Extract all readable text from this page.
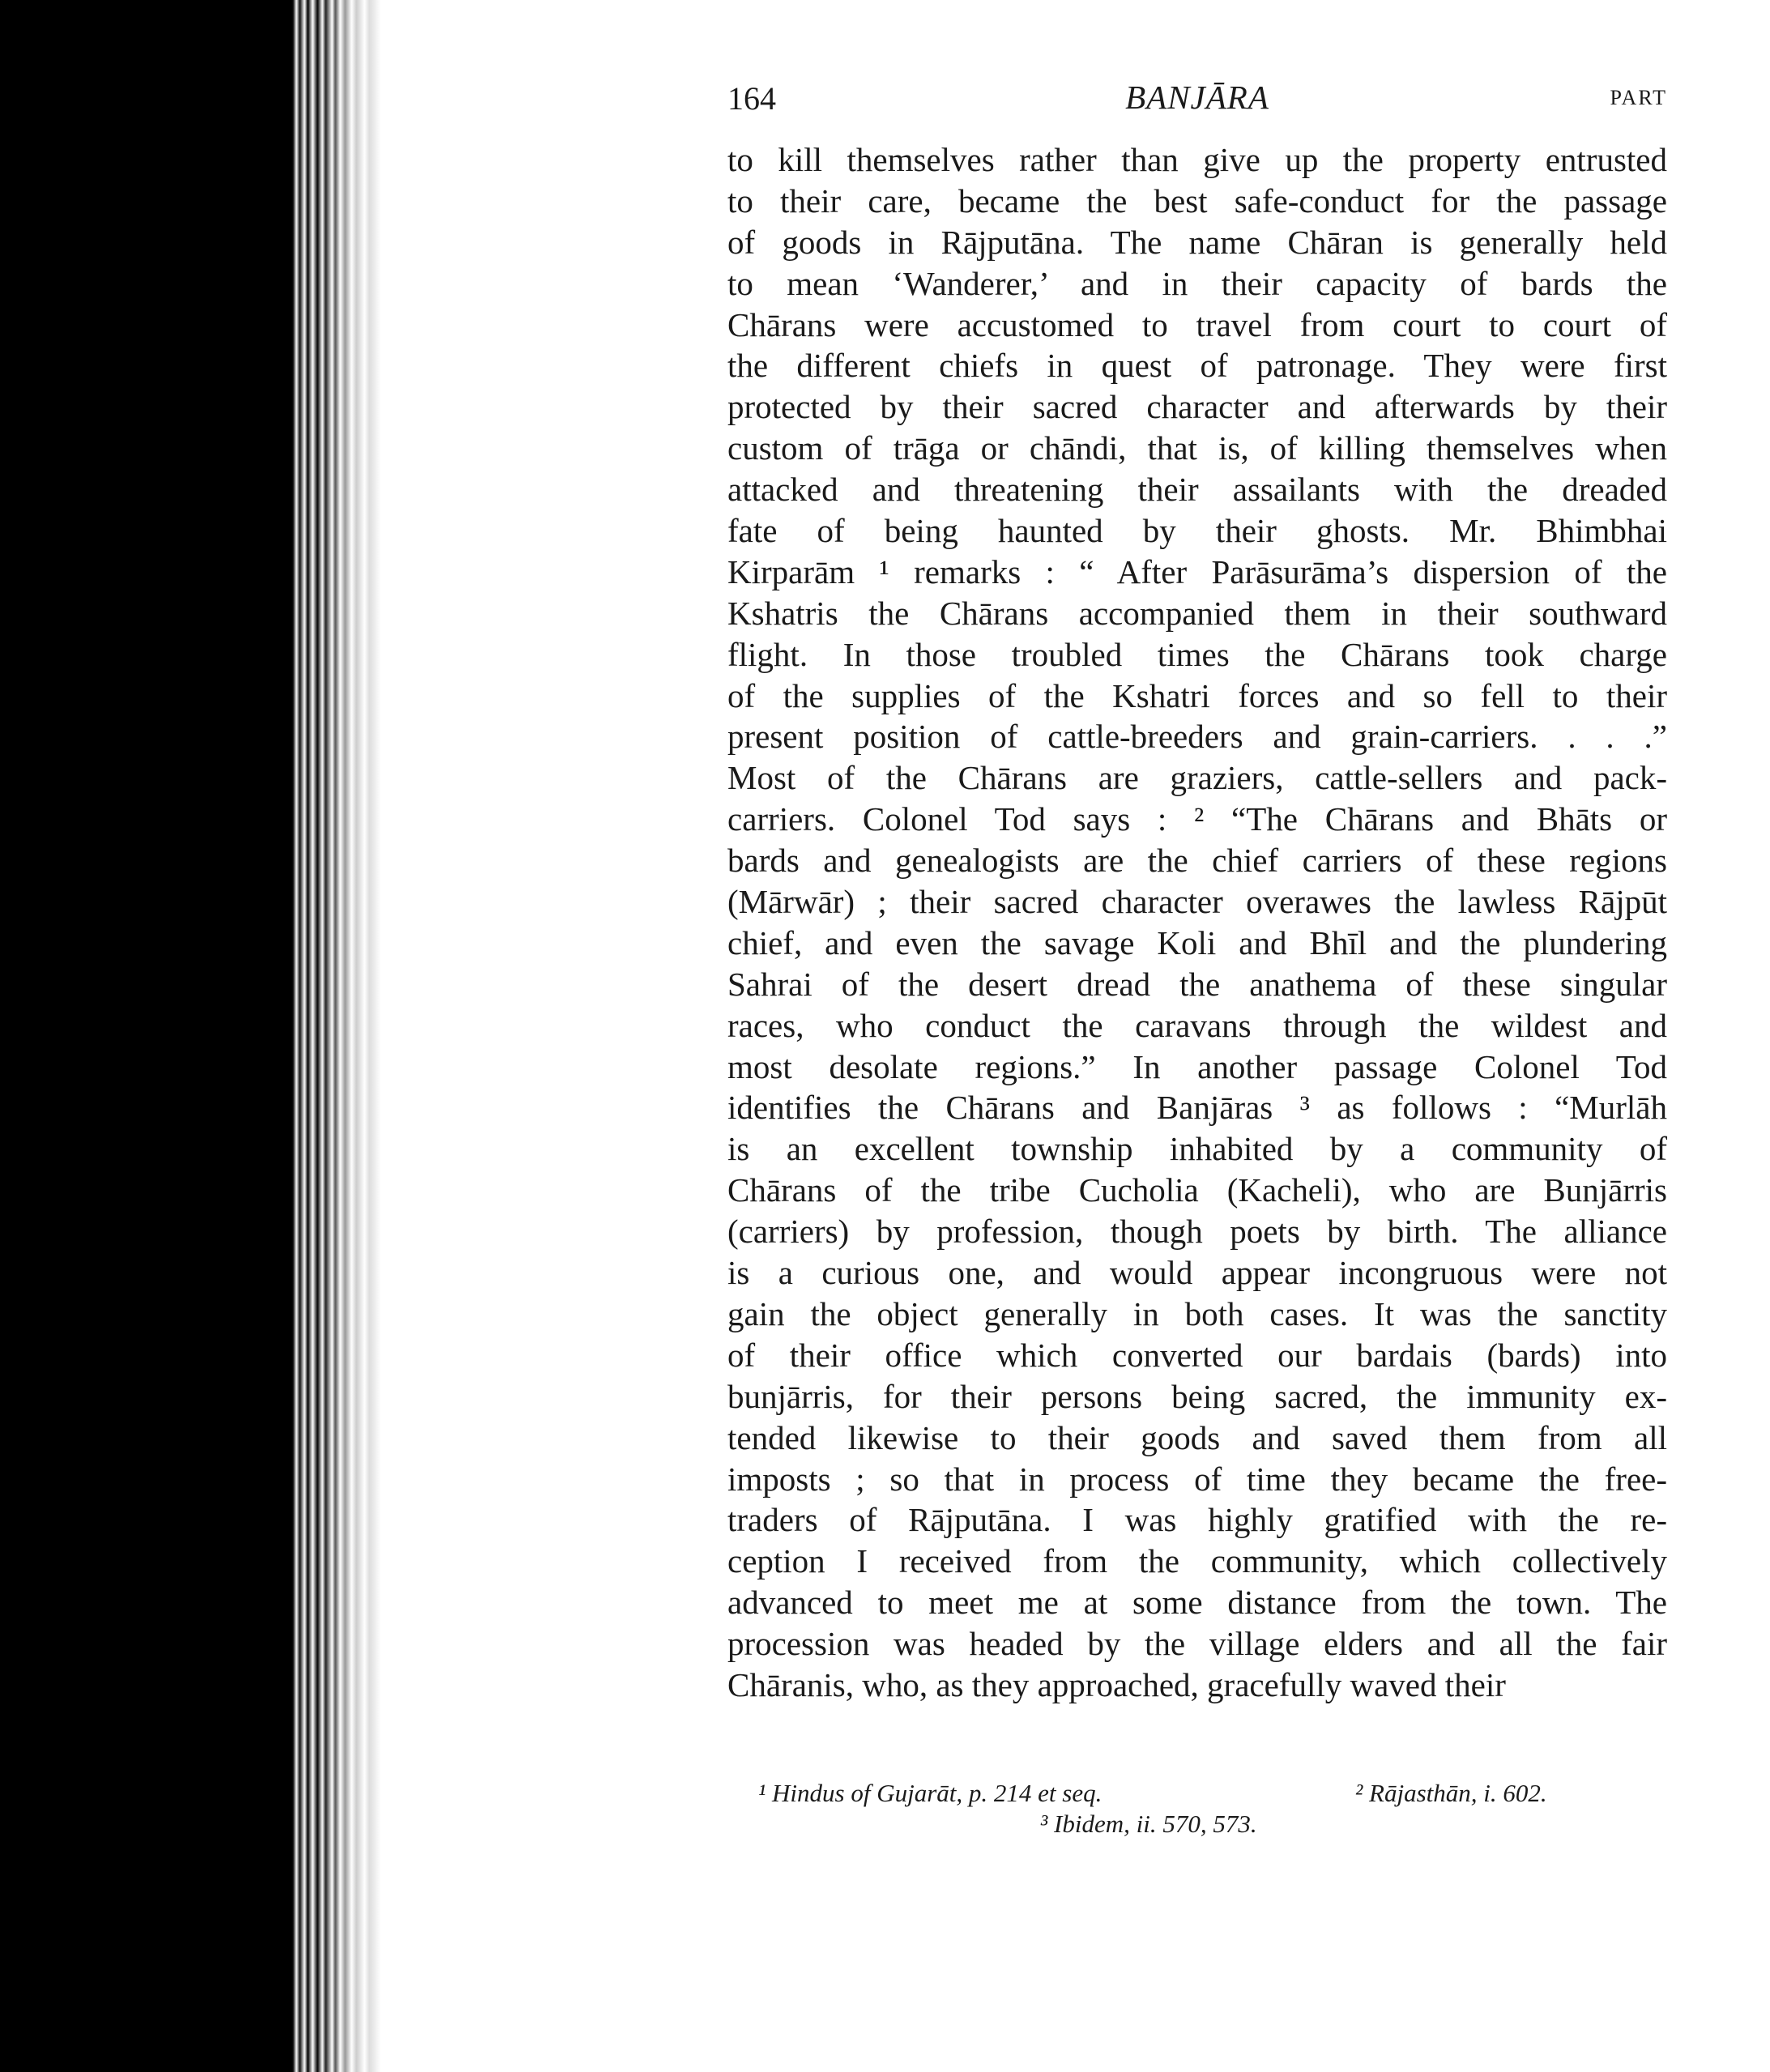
164	BANJĀRA	PART
to kill themselves rather than give up the property entrusted
to their care, became the best safe-conduct for the passage
of goods in Rājputāna. The name Chāran is generally held
to mean ‘Wanderer,’ and in their capacity of bards the
Chārans were accustomed to travel from court to court of
the different chiefs in quest of patronage. They were first
protected by their sacred character and afterwards by their
custom of trāga or chāndi, that is, of killing themselves when
attacked and threatening their assailants with the dreaded
fate of being haunted by their ghosts. Mr. Bhimbhai
Kirparām ¹ remarks : “ After Parāsurāma’s dispersion of the
Kshatris the Chārans accompanied them in their southward
flight. In those troubled times the Chārans took charge
of the supplies of the Kshatri forces and so fell to their
present position of cattle-breeders and grain-carriers. . . .”
Most of the Chārans are graziers, cattle-sellers and pack-
carriers. Colonel Tod says : ² “The Chārans and Bhāts or
bards and genealogists are the chief carriers of these regions
(Mārwār) ; their sacred character overawes the lawless Rājpūt
chief, and even the savage Koli and Bhīl and the plundering
Sahrai of the desert dread the anathema of these singular
races, who conduct the caravans through the wildest and
most desolate regions.” In another passage Colonel Tod
identifies the Chārans and Banjāras ³ as follows : “Murlāh
is an excellent township inhabited by a community of
Chārans of the tribe Cucholia (Kacheli), who are Bunjārris
(carriers) by profession, though poets by birth. The alliance
is a curious one, and would appear incongruous were not
gain the object generally in both cases. It was the sanctity
of their office which converted our bardais (bards) into
bunjārris, for their persons being sacred, the immunity ex-
tended likewise to their goods and saved them from all
imposts ; so that in process of time they became the free-
traders of Rājputāna. I was highly gratified with the re-
ception I received from the community, which collectively
advanced to meet me at some distance from the town. The
procession was headed by the village elders and all the fair
Chāranis, who, as they approached, gracefully waved their
¹ Hindus of Gujarāt, p. 214 et seq.	² Rājasthān, i. 602.
³ Ibidem, ii. 570, 573.
